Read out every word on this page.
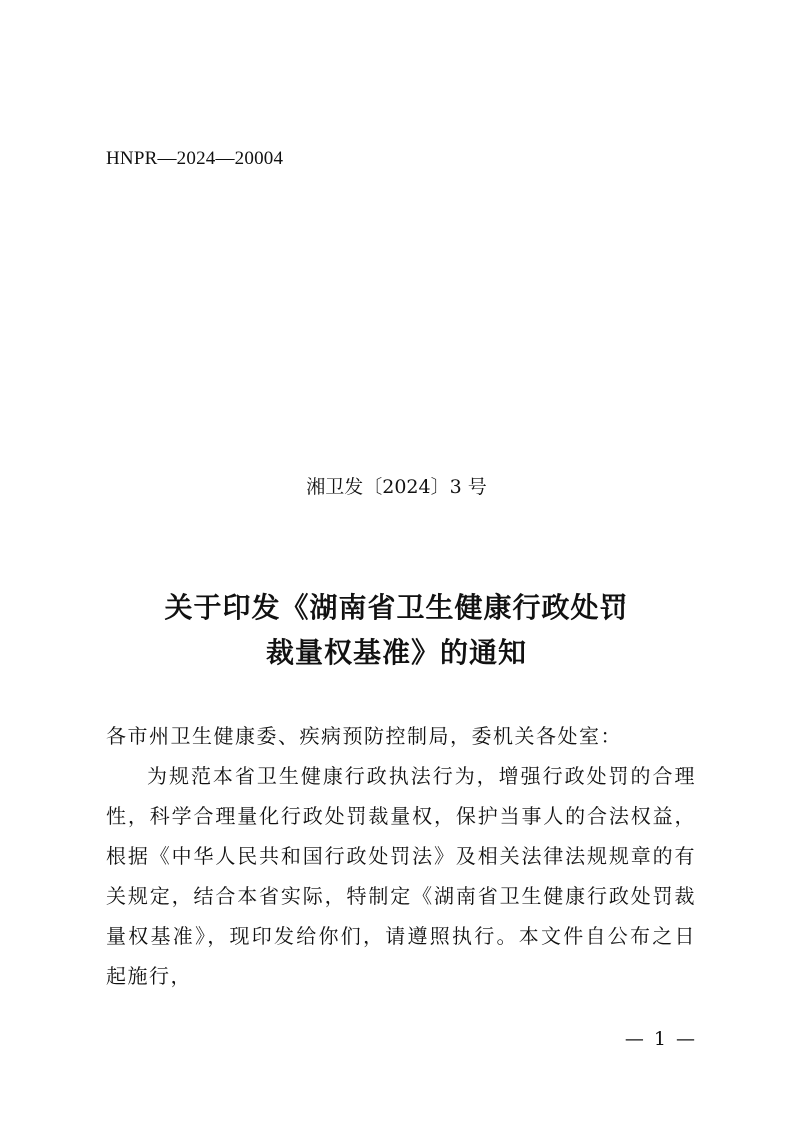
HNPR—2024—20004
湘卫发〔2024〕3 号
关于印发《湖南省卫生健康行政处罚
裁量权基准》的通知
各市州卫生健康委、疾病预防控制局，委机关各处室：
为规范本省卫生健康行政执法行为，增强行政处罚的合理性，科学合理量化行政处罚裁量权，保护当事人的合法权益，根据《中华人民共和国行政处罚法》及相关法律法规规章的有关规定，结合本省实际，特制定《湖南省卫生健康行政处罚裁量权基准》，现印发给你们，请遵照执行。本文件自公布之日起施行，
— 1 —
